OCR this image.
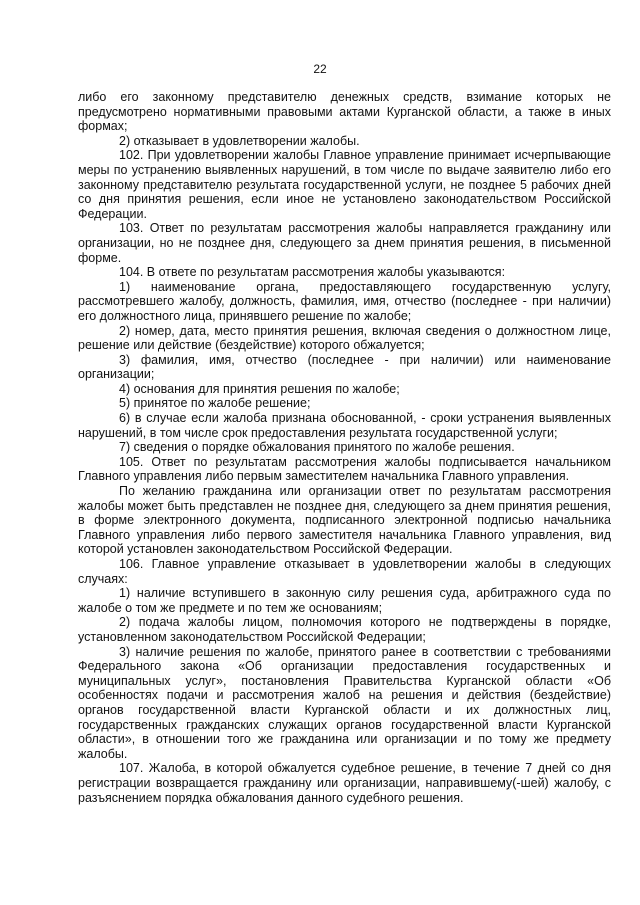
22

либо его законному представителю денежных средств, взимание которых не предусмотрено нормативными правовыми актами Курганской области, а также в иных формах;

2) отказывает в удовлетворении жалобы.

102. При удовлетворении жалобы Главное управление принимает исчерпывающие меры по устранению выявленных нарушений, в том числе по выдаче заявителю либо его законному представителю результата государственной услуги, не позднее 5 рабочих дней со дня принятия решения, если иное не установлено законодательством Российской Федерации.

103. Ответ по результатам рассмотрения жалобы направляется гражданину или организации, но не позднее дня, следующего за днем принятия решения, в письменной форме.

104. В ответе по результатам рассмотрения жалобы указываются:

1) наименование органа, предоставляющего государственную услугу, рассмотревшего жалобу, должность, фамилия, имя, отчество (последнее - при наличии) его должностного лица, принявшего решение по жалобе;

2) номер, дата, место принятия решения, включая сведения о должностном лице, решение или действие (бездействие) которого обжалуется;

3) фамилия, имя, отчество (последнее - при наличии) или наименование организации;

4) основания для принятия решения по жалобе;

5) принятое по жалобе решение;

6) в случае если жалоба признана обоснованной, - сроки устранения выявленных нарушений, в том числе срок предоставления результата государственной услуги;

7) сведения о порядке обжалования принятого по жалобе решения.

105. Ответ по результатам рассмотрения жалобы подписывается начальником Главного управления либо первым заместителем начальника Главного управления.

По желанию гражданина или организации ответ по результатам рассмотрения жалобы может быть представлен не позднее дня, следующего за днем принятия решения, в форме электронного документа, подписанного электронной подписью начальника Главного управления либо первого заместителя начальника Главного управления, вид которой установлен законодательством Российской Федерации.

106. Главное управление отказывает в удовлетворении жалобы в следующих случаях:

1) наличие вступившего в законную силу решения суда, арбитражного суда по жалобе о том же предмете и по тем же основаниям;

2) подача жалобы лицом, полномочия которого не подтверждены в порядке, установленном законодательством Российской Федерации;

3) наличие решения по жалобе, принятого ранее в соответствии с требованиями Федерального закона «Об организации предоставления государственных и муниципальных услуг», постановления Правительства Курганской области «Об особенностях подачи и рассмотрения жалоб на решения и действия (бездействие) органов государственной власти Курганской области и их должностных лиц, государственных гражданских служащих органов государственной власти Курганской области», в отношении того же гражданина или организации и по тому же предмету жалобы.

107. Жалоба, в которой обжалуется судебное решение, в течение 7 дней со дня регистрации возвращается гражданину или организации, направившему(-шей) жалобу, с разъяснением порядка обжалования данного судебного решения.
